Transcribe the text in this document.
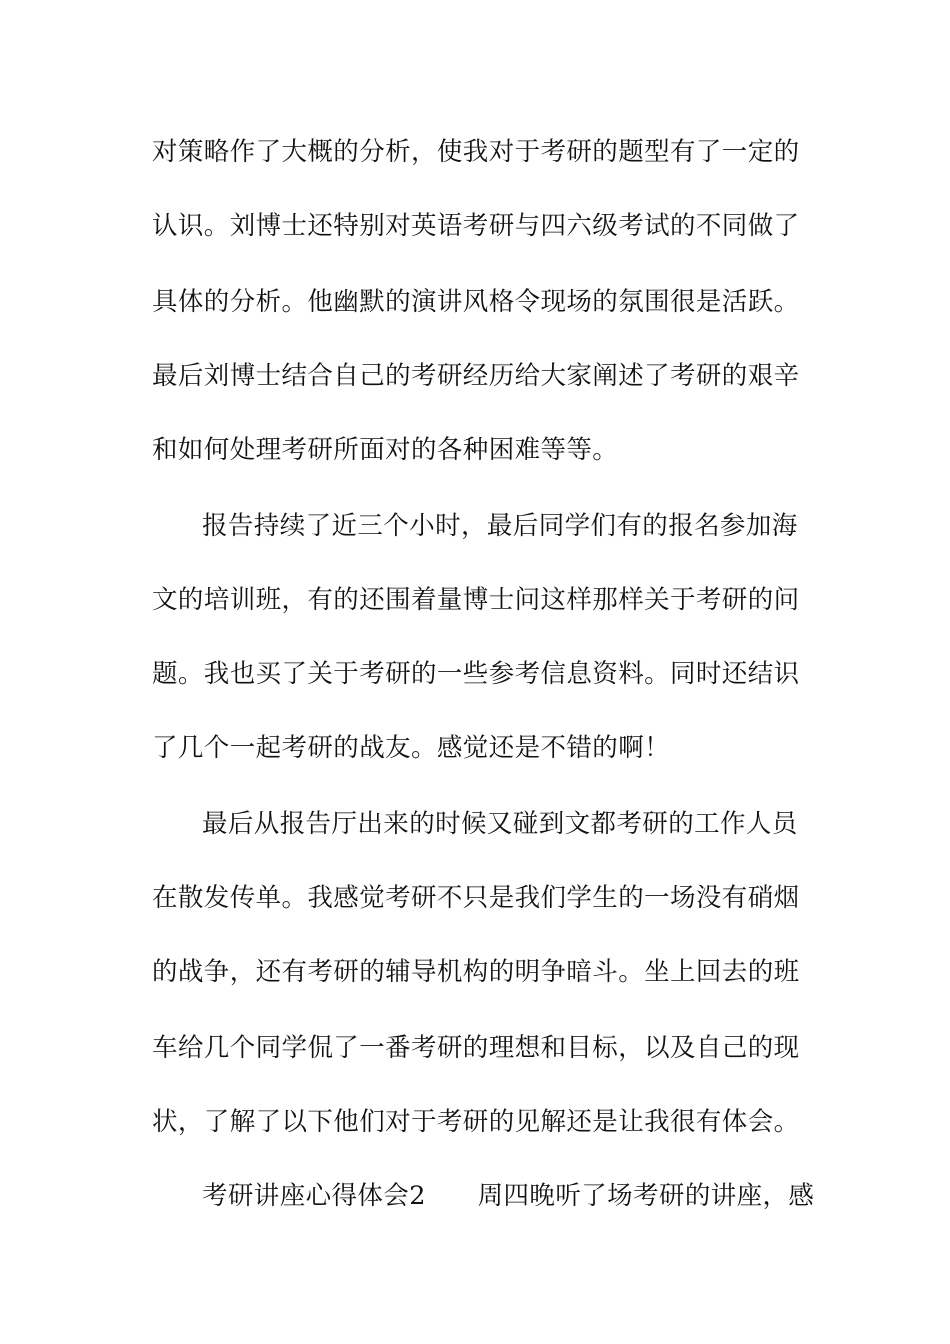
对策略作了大概的分析，使我对于考研的题型有了一定的
认识。刘博士还特别对英语考研与四六级考试的不同做了
具体的分析。他幽默的演讲风格令现场的氛围很是活跃。
最后刘博士结合自己的考研经历给大家阐述了考研的艰辛
和如何处理考研所面对的各种困难等等。
报告持续了近三个小时，最后同学们有的报名参加海
文的培训班，有的还围着量博士问这样那样关于考研的问
题。我也买了关于考研的一些参考信息资料。同时还结识
了几个一起考研的战友。感觉还是不错的啊！
最后从报告厅出来的时候又碰到文都考研的工作人员
在散发传单。我感觉考研不只是我们学生的一场没有硝烟
的战争，还有考研的辅导机构的明争暗斗。坐上回去的班
车给几个同学侃了一番考研的理想和目标，以及自己的现
状，了解了以下他们对于考研的见解还是让我很有体会。
考研讲座心得体会2　　周四晚听了场考研的讲座，感
